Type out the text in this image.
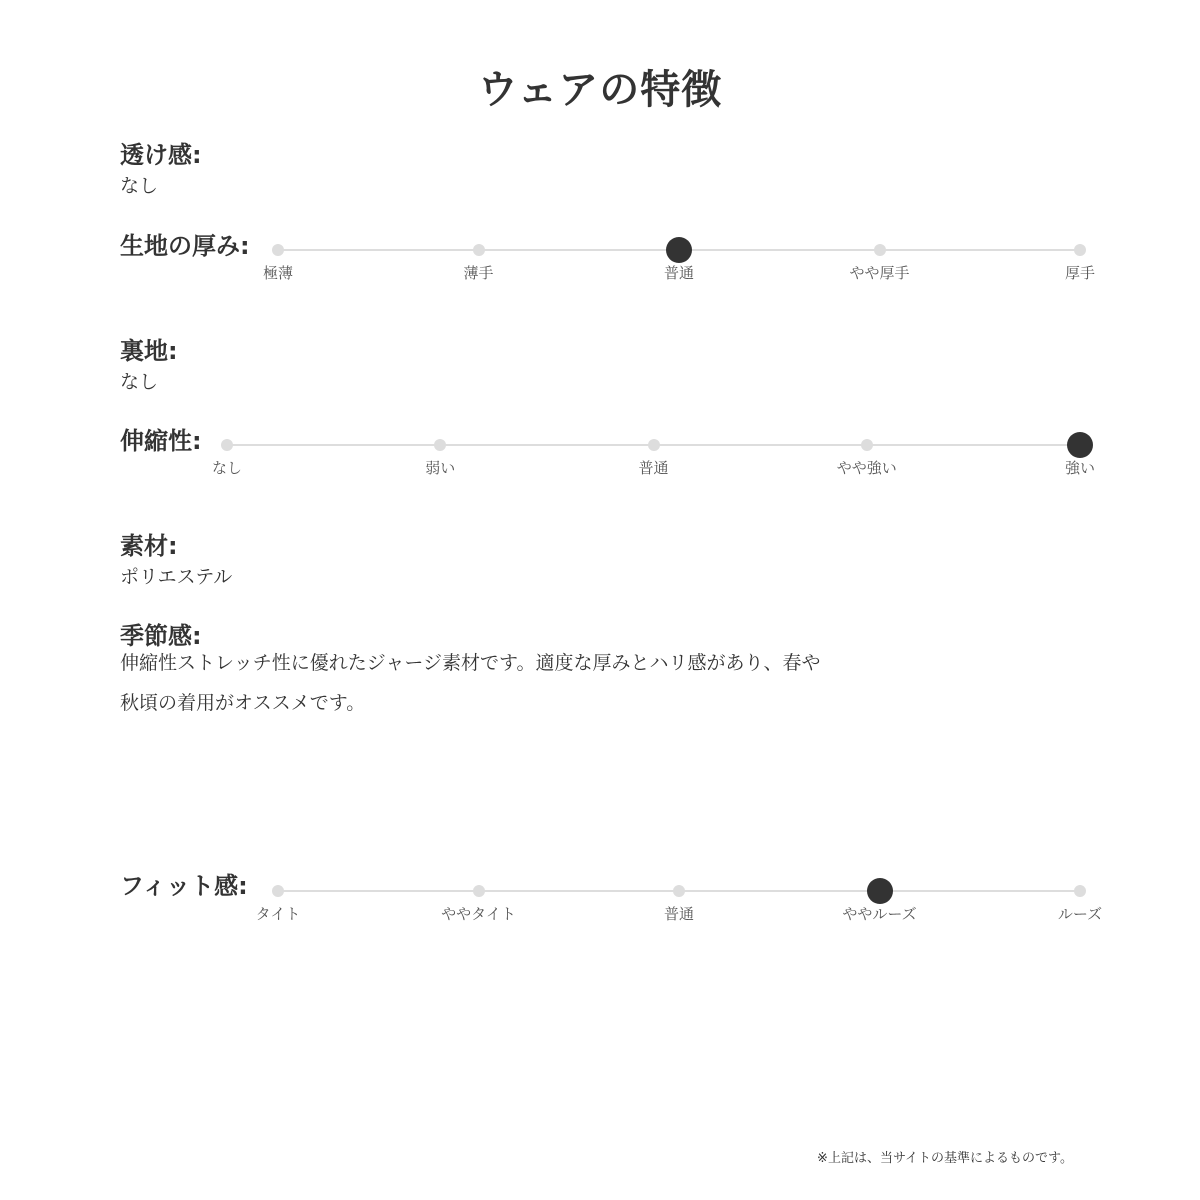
ウェアの特徴
透け感:
なし
生地の厚み:
極薄	薄手	普通	やや厚手	厚手
裏地:
なし
伸縮性:
なし	弱い	普通	やや強い	強い
素材:
ポリエステル
季節感:
伸縮性ストレッチ性に優れたジャージ素材です。適度な厚みとハリ感があり、春や
秋頃の着用がオススメです。
フィット感:
タイト	ややタイト	普通	ややルーズ	ルーズ
※上記は、当サイトの基準によるものです。
